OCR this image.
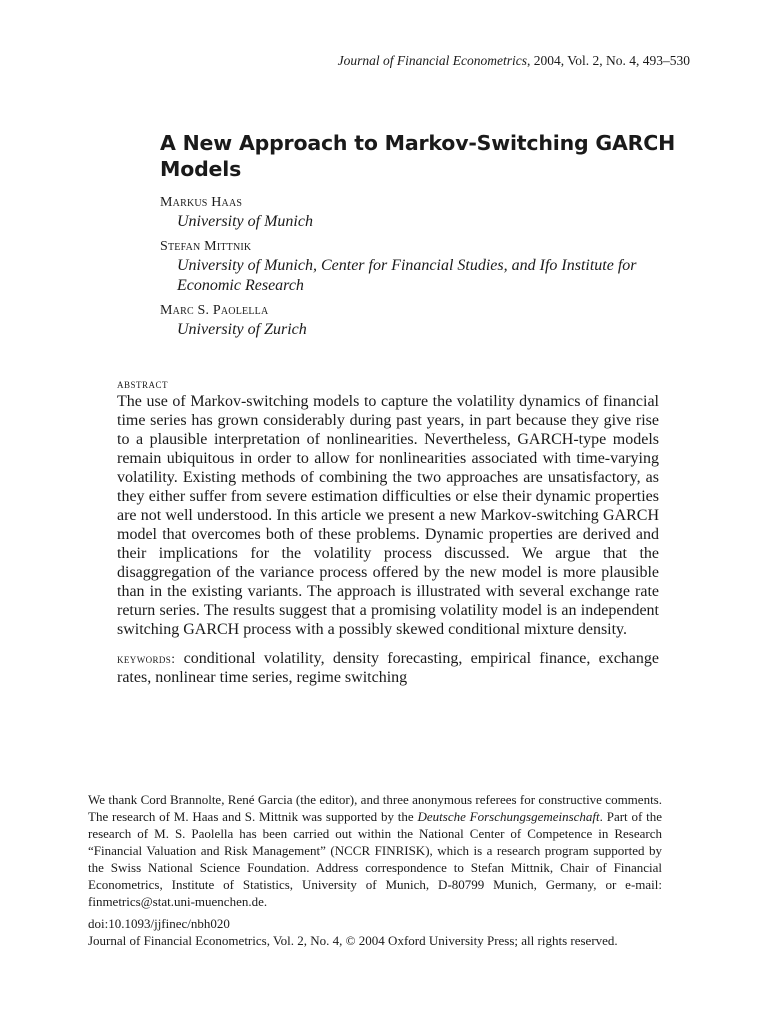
Journal of Financial Econometrics, 2004, Vol. 2, No. 4, 493–530
A New Approach to Markov-Switching GARCH Models
Markus Haas
University of Munich
Stefan Mittnik
University of Munich, Center for Financial Studies, and Ifo Institute for Economic Research
Marc S. Paolella
University of Zurich
abstract

The use of Markov-switching models to capture the volatility dynamics of financial time series has grown considerably during past years, in part because they give rise to a plausible interpretation of nonlinearities. Nevertheless, GARCH-type models remain ubiquitous in order to allow for nonlinearities associated with time-varying volatility. Existing methods of combining the two approaches are unsatisfactory, as they either suffer from severe estimation difficulties or else their dynamic properties are not well understood. In this article we present a new Markov-switching GARCH model that overcomes both of these problems. Dynamic properties are derived and their implications for the volatility process discussed. We argue that the disaggregation of the variance process offered by the new model is more plausible than in the existing variants. The approach is illustrated with several exchange rate return series. The results suggest that a promising volatility model is an independent switching GARCH process with a possibly skewed conditional mixture density.

keywords: conditional volatility, density forecasting, empirical finance, exchange rates, nonlinear time series, regime switching

We thank Cord Brannolte, René Garcia (the editor), and three anonymous referees for constructive comments. The research of M. Haas and S. Mittnik was supported by the Deutsche Forschungsgemeinschaft. Part of the research of M. S. Paolella has been carried out within the National Center of Competence in Research “Financial Valuation and Risk Management” (NCCR FINRISK), which is a research program supported by the Swiss National Science Foundation. Address correspondence to Stefan Mittnik, Chair of Financial Econometrics, Institute of Statistics, University of Munich, D-80799 Munich, Germany, or e-mail: finmetrics@stat.uni-muenchen.de.

doi:10.1093/jjfinec/nbh020
Journal of Financial Econometrics, Vol. 2, No. 4, © 2004 Oxford University Press; all rights reserved.
